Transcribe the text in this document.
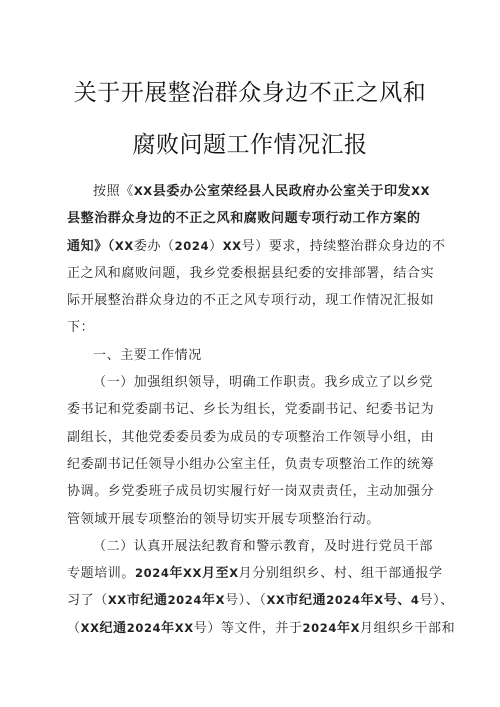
关于开展整治群众身边不正之风和
腐败问题工作情况汇报
按照《XX县委办公室荣经县人民政府办公室关于印发XX
县整治群众身边的不正之风和腐败问题专项行动工作方案的
通知》（XX委办（2024）XX号）要求，持续整治群众身边的不
正之风和腐败问题，我乡党委根据县纪委的安排部署，结合实
际开展整治群众身边的不正之风专项行动，现工作情况汇报如
下：
一、主要工作情况
（一）加强组织领导，明确工作职责。我乡成立了以乡党
委书记和党委副书记、乡长为组长，党委副书记、纪委书记为
副组长，其他党委委员委为成员的专项整治工作领导小组，由
纪委副书记任领导小组办公室主任，负责专项整治工作的统筹
协调。乡党委班子成员切实履行好一岗双责责任，主动加强分
管领域开展专项整治的领导切实开展专项整治行动。
（二）认真开展法纪教育和警示教育，及时进行党员干部
专题培训。2024年XX月至X月分别组织乡、村、组干部通报学
习了（XX市纪通2024年X号）、（XX市纪通2024年X号、4号）、
（XX纪通2024年XX号）等文件，并于2024年X月组织乡干部和
